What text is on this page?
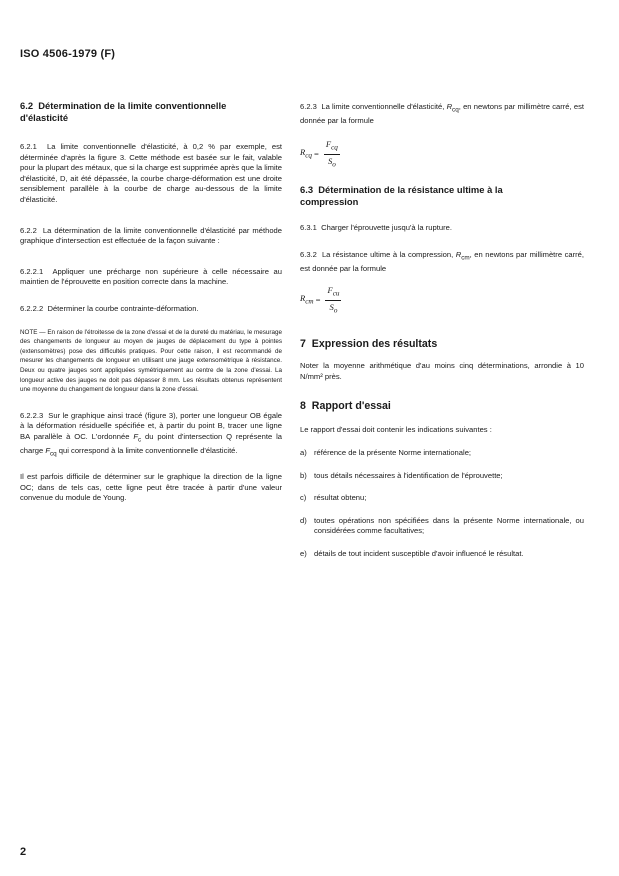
ISO 4506-1979 (F)
6.2 Détermination de la limite conventionnelle
d'élasticité

6.2.1 La limite conventionnelle d'élasticité, à 0,2 % par exemple, est déterminée d'après la figure 3. Cette méthode est basée sur le fait, valable pour la plupart des métaux, que si la charge est supprimée après que la limite d'élasticité, D, ait été dépassée, la courbe charge-déformation est une droite sensiblement parallèle à la courbe de charge au-dessous de la limite d'élasticité.

6.2.2 La détermination de la limite conventionnelle d'élasticité par méthode graphique d'intersection est effectuée de la façon suivante :

6.2.2.1 Appliquer une précharge non supérieure à celle nécessaire au maintien de l'éprouvette en position correcte dans la machine.

6.2.2.2 Déterminer la courbe contrainte-déformation.

NOTE — En raison de l'étroitesse de la zone d'essai et de la dureté du matériau, le mesurage des changements de longueur au moyen de jauges de déplacement du type à pointes (extensomètres) pose des difficultés pratiques. Pour cette raison, il est recommandé de mesurer les changements de longueur en utilisant une jauge extensométrique à résistance. Deux ou quatre jauges sont appliquées symétriquement au centre de la zone d'essai. La longueur active des jauges ne doit pas dépasser 8 mm. Les résultats obtenus représentent une moyenne du changement de longueur dans la zone d'essai.

6.2.2.3 Sur le graphique ainsi tracé (figure 3), porter une longueur OB égale à la déformation résiduelle spécifiée et, à partir du point B, tracer une ligne BA parallèle à OC. L'ordonnée $F_c$ du point d'intersection Q représente la charge $F_{cq}$ qui correspond à la limite conventionnelle d'élasticité.

Il est parfois difficile de déterminer sur le graphique la direction de la ligne OC; dans de tels cas, cette ligne peut être tracée à partir d'une valeur convenue du module de Young.

6.2.3 La limite conventionnelle d'élasticité, $R_{cq}$, en newtons par millimètre carré, est donnée par la formule

$R_{cq} = \frac{F_{cq}}{S_o}$
6.3 Détermination de la résistance ultime à la
compression

6.3.1 Charger l'éprouvette jusqu'à la rupture.

6.3.2 La résistance ultime à la compression, $R_{cm}$, en newtons par millimètre carré, est donnée par la formule

$R_{cm} = \frac{F_{cu}}{S_o}$
7 Expression des résultats

Noter la moyenne arithmétique d'au moins cinq déterminations, arrondie à 10 N/mm² près.

8 Rapport d'essai

Le rapport d'essai doit contenir les indications suivantes :

a) référence de la présente Norme internationale;

b) tous détails nécessaires à l'identification de l'éprouvette;

c)	résultat obtenu;

d) toutes opérations non spécifiées dans la présente Norme internationale, ou considérées comme facultatives;

e) détails de tout incident susceptible d'avoir influencé le résultat.

2
